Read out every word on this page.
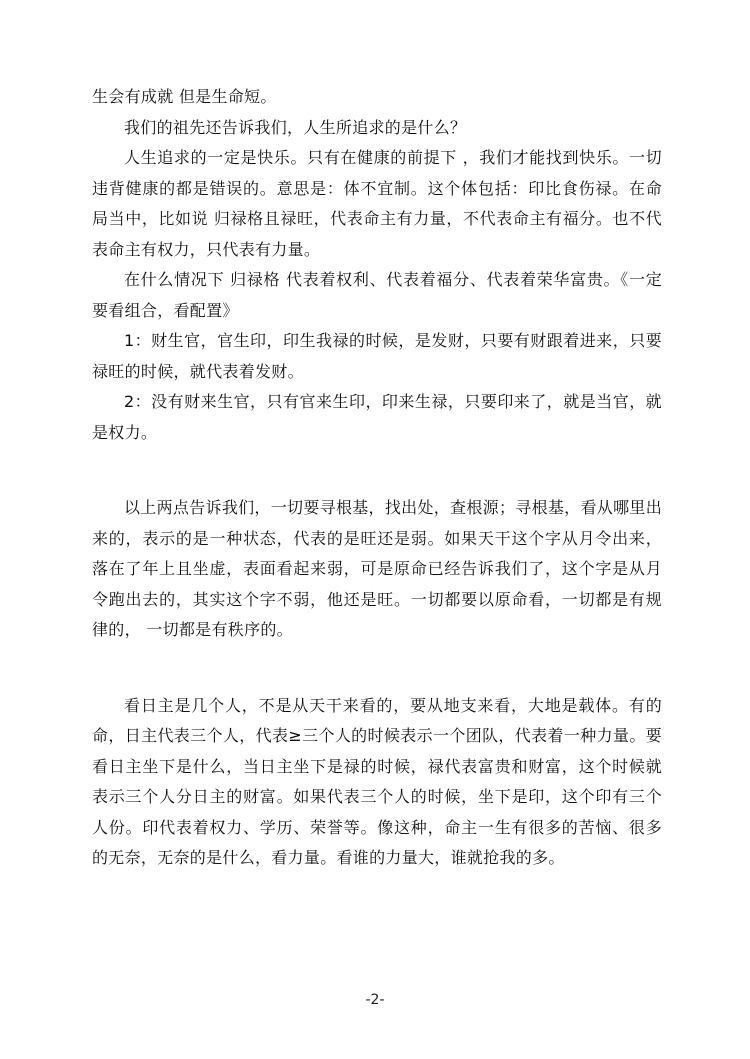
生会有成就 但是生命短。

我们的祖先还告诉我们，人生所追求的是什么？

人生追求的一定是快乐。只有在健康的前提下 ，我们才能找到快乐。一切违背健康的都是错误的。意思是：体不宜制。这个体包括：印比食伤禄。在命局当中，比如说 归禄格且禄旺，代表命主有力量，不代表命主有福分。也不代表命主有权力，只代表有力量。

在什么情况下 归禄格 代表着权利、代表着福分、代表着荣华富贵。《一定要看组合，看配置》

1：财生官，官生印，印生我禄的时候，是发财，只要有财跟着进来，只要禄旺的时候，就代表着发财。

2：没有财来生官，只有官来生印，印来生禄，只要印来了，就是当官，就是权力。

以上两点告诉我们，一切要寻根基，找出处，查根源；寻根基，看从哪里出来的，表示的是一种状态，代表的是旺还是弱。如果天干这个字从月令出来，落在了年上且坐虚，表面看起来弱，可是原命已经告诉我们了，这个字是从月令跑出去的，其实这个字不弱，他还是旺。一切都要以原命看，一切都是有规律的， 一切都是有秩序的。

看日主是几个人，不是从天干来看的，要从地支来看，大地是载体。有的命，日主代表三个人，代表≥三个人的时候表示一个团队，代表着一种力量。要看日主坐下是什么，当日主坐下是禄的时候，禄代表富贵和财富，这个时候就表示三个人分日主的财富。如果代表三个人的时候，坐下是印，这个印有三个人份。印代表着权力、学历、荣誉等。像这种，命主一生有很多的苦恼、很多的无奈，无奈的是什么，看力量。看谁的力量大，谁就抢我的多。

-2-
